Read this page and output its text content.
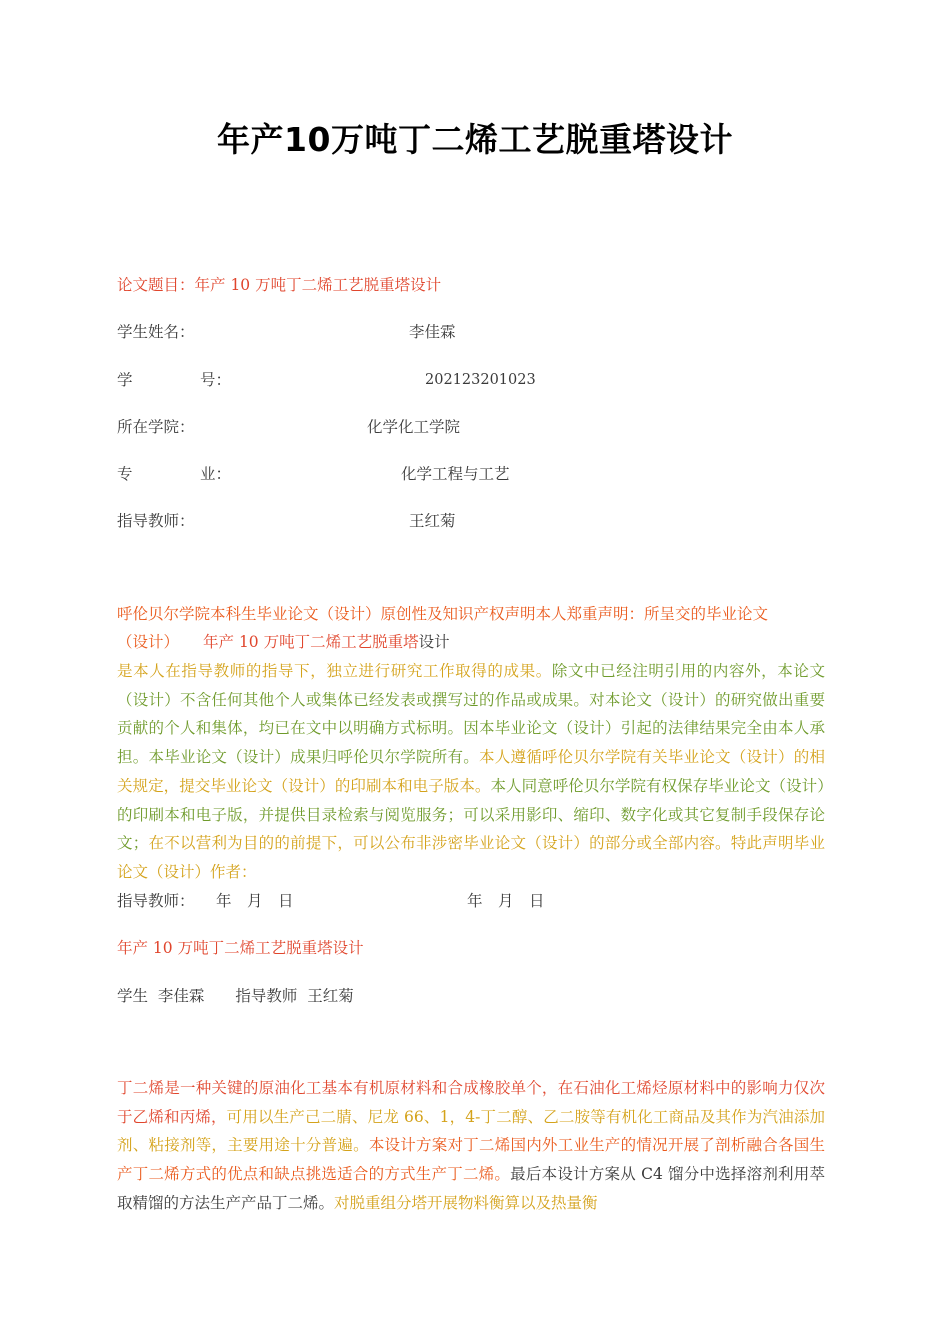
年产10万吨丁二烯工艺脱重塔设计
论文题目：年产 10 万吨丁二烯工艺脱重塔设计
学生姓名：	李佳霖
学	号：	202123201023
所在学院：	化学化工学院
专	业：	化学工程与工艺
指导教师：	王红菊
呼伦贝尔学院本科生毕业论文（设计）原创性及知识产权声明本人郑重声明：所呈交的毕业论文
（设计） 年产 10 万吨丁二烯工艺脱重塔设计
是本人在指导教师的指导下，独立进行研究工作取得的成果。除文中已经注明引用的内容外，本论文（设计）不含任何其他个人或集体已经发表或撰写过的作品或成果。对本论文（设计）的研究做出重要贡献的个人和集体，均已在文中以明确方式标明。因本毕业论文（设计）引起的法律结果完全由本人承担。本毕业论文（设计）成果归呼伦贝尔学院所有。本人遵循呼伦贝尔学院有关毕业论文（设计）的相关规定，提交毕业论文（设计）的印刷本和电子版本。本人同意呼伦贝尔学院有权保存毕业论文（设计）的印刷本和电子版，并提供目录检索与阅览服务；可以采用影印、缩印、数字化或其它复制手段保存论文；在不以营利为目的的前提下，可以公布非涉密毕业论文（设计）的部分或全部内容。特此声明毕业论文（设计）作者：
指导教师： 年　月　日	年　月　日
年产 10 万吨丁二烯工艺脱重塔设计
学生  李佳霖　　指导教师  王红菊
丁二烯是一种关键的原油化工基本有机原材料和合成橡胶单个，在石油化工烯烃原材料中的影响力仅次于乙烯和丙烯，可用以生产己二腈、尼龙 66、1，4-丁二醇、乙二胺等有机化工商品及其作为汽油添加剂、粘接剂等，主要用途十分普遍。本设计方案对丁二烯国内外工业生产的情况开展了剖析融合各国生产丁二烯方式的优点和缺点挑选适合的方式生产丁二烯。最后本设计方案从 C4 馏分中选择溶剂利用萃取精馏的方法生产产品丁二烯。对脱重组分塔开展物料衡算以及热量衡
